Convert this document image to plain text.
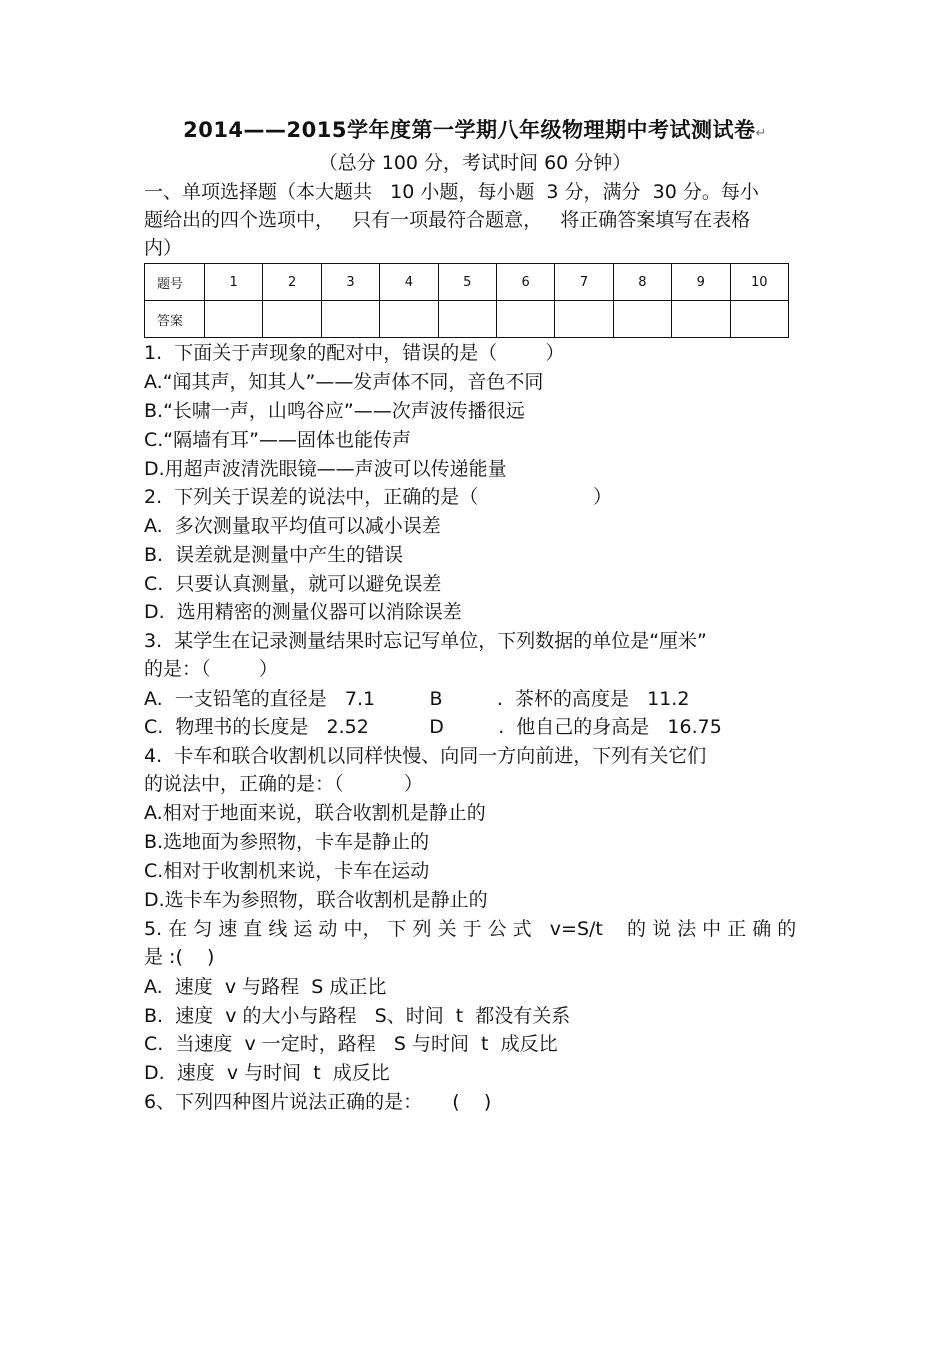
2014——2015学年度第一学期八年级物理期中考试测试卷↵
（总分 100 分，考试时间 60 分钟）
一、单项选择题（本大题共   10 小题，每小题  3 分，满分  30 分。每小
题给出的四个选项中，   只有一项最符合题意，   将正确答案填写在表格
内）
题号	1	2	3	4	5	6	7	8	9	10
答案										
1.  下面关于声现象的配对中，错误的是（        ）
A.“闻其声，知其人”——发声体不同，音色不同
B.“长啸一声，山鸣谷应”——次声波传播很远
C.“隔墙有耳”——固体也能传声
D.用超声波清洗眼镜——声波可以传递能量
2.  下列关于误差的说法中，正确的是（                   ）
A.  多次测量取平均值可以减小误差
B.  误差就是测量中产生的错误
C.  只要认真测量，就可以避免误差
D.  选用精密的测量仪器可以消除误差
3.  某学生在记录测量结果时忘记写单位，下列数据的单位是“厘米”
的是：（        ）
A.  一支铅笔的直径是   7.1         B         .  茶杯的高度是   11.2
C.  物理书的长度是   2.52          D         .  他自己的身高是   16.75
4.  卡车和联合收割机以同样快慢、向同一方向前进，下列有关它们
的说法中，正确的是：（          ）
A.相对于地面来说，联合收割机是静止的
B.选地面为参照物，卡车是静止的
C.相对于收割机来说，卡车在运动
D.选卡车为参照物，联合收割机是静止的
5. 在 匀 速 直 线 运 动 中， 下 列 关 于 公 式   v=S/t    的 说 法 中 正 确 的
是 :(    )
A.  速度  v 与路程  S 成正比
B.  速度  v 的大小与路程   S、时间  t  都没有关系
C.  当速度  v 一定时，路程   S 与时间  t  成反比
D.  速度  v 与时间  t  成反比
6、下列四种图片说法正确的是：     (    )
